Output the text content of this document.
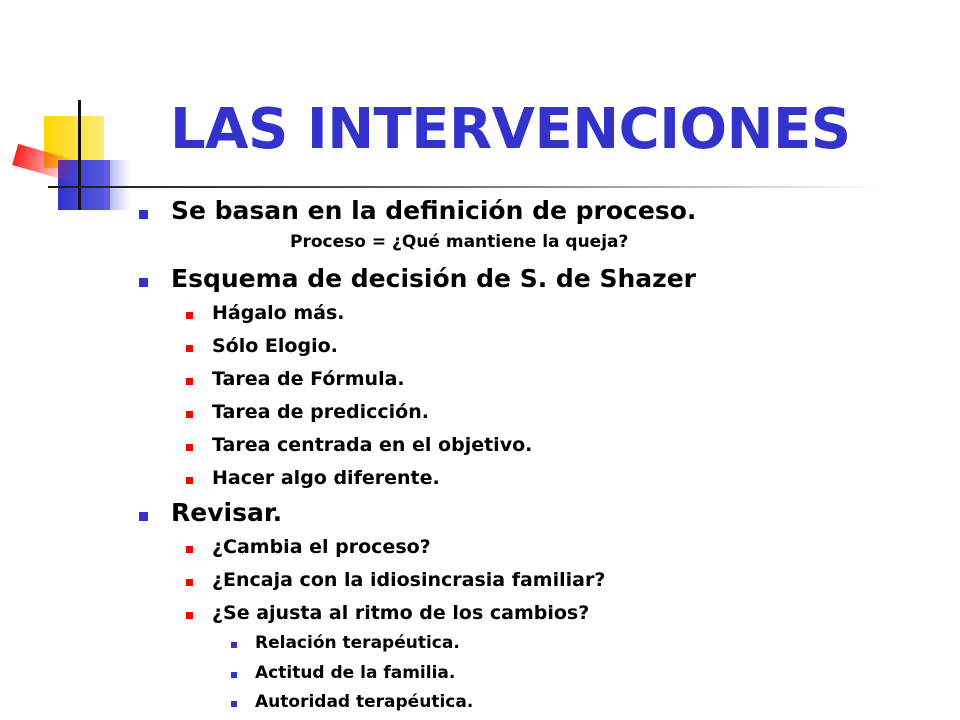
LAS INTERVENCIONES
Se basan en la definición de proceso.
Proceso = ¿Qué mantiene la queja?
Esquema de decisión de S. de Shazer
Hágalo más.
Sólo Elogio.
Tarea de Fórmula.
Tarea de predicción.
Tarea centrada en el objetivo.
Hacer algo diferente.
Revisar.
¿Cambia el proceso?
¿Encaja con la idiosincrasia familiar?
¿Se ajusta al ritmo de los cambios?
Relación terapéutica.
Actitud de la familia.
Autoridad terapéutica.
